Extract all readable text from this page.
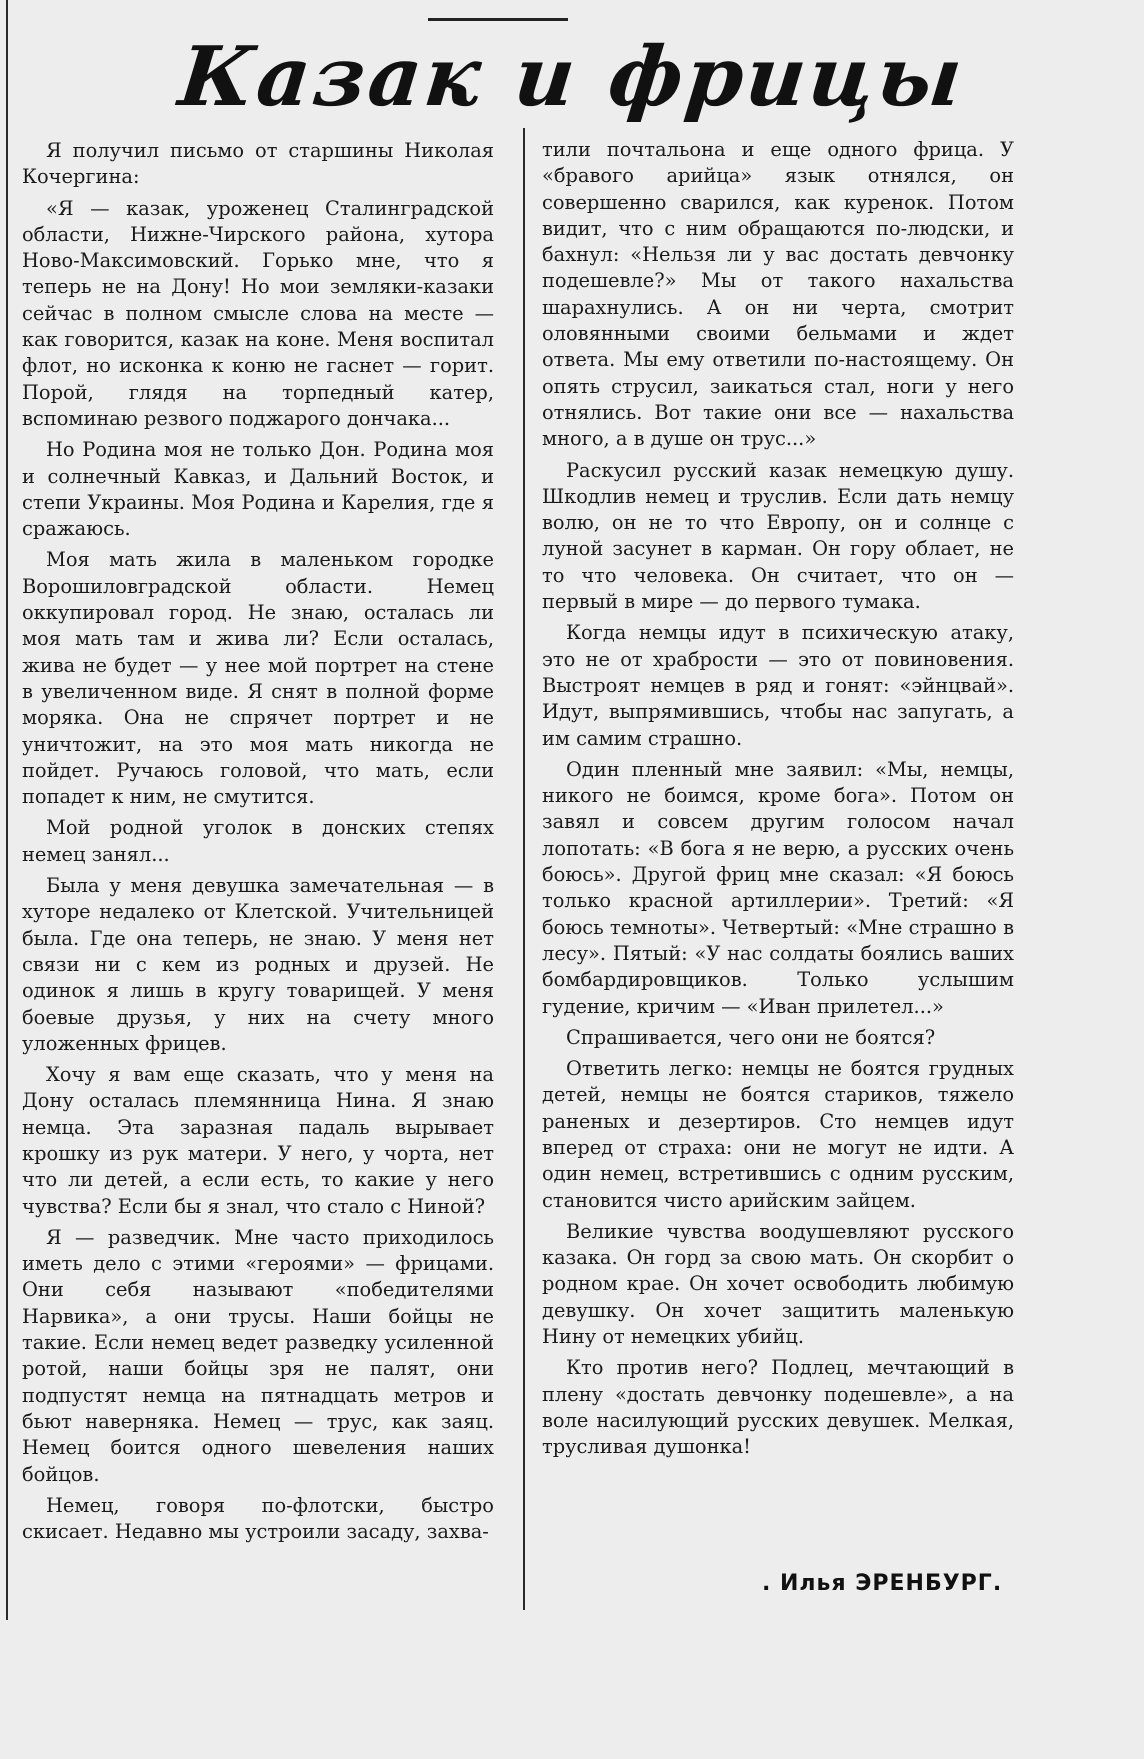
Казак и фрицы

Я получил письмо от старшины Николая Кочергина:

«Я — казак, уроженец Сталинградской области, Нижне-Чирского района, хутора Ново-Максимовский. Горько мне, что я теперь не на Дону! Но мои земляки-казаки сейчас в полном смысле слова на месте — как говорится, казак на коне. Меня воспитал флот, но исконка к коню не гаснет — горит. Порой, глядя на торпедный катер, вспоминаю резвого поджарого дончака...

Но Родина моя не только Дон. Родина моя и солнечный Кавказ, и Дальний Восток, и степи Украины. Моя Родина и Карелия, где я сражаюсь.

Моя мать жила в маленьком городке Ворошиловградской области. Немец оккупировал город. Не знаю, осталась ли моя мать там и жива ли? Если осталась, жива не будет — у нее мой портрет на стене в увеличенном виде. Я снят в полной форме моряка. Она не спрячет портрет и не уничтожит, на это моя мать никогда не пойдет. Ручаюсь головой, что мать, если попадет к ним, не смутится.

Мой родной уголок в донских степях немец занял...

Была у меня девушка замечательная — в хуторе недалеко от Клетской. Учительницей была. Где она теперь, не знаю. У меня нет связи ни с кем из родных и друзей. Не одинок я лишь в кругу товарищей. У меня боевые друзья, у них на счету много уложенных фрицев.

Хочу я вам еще сказать, что у меня на Дону осталась племянница Нина. Я знаю немца. Эта заразная падаль вырывает крошку из рук матери. У него, у чорта, нет что ли детей, а если есть, то какие у него чувства? Если бы я знал, что стало с Ниной?

Я — разведчик. Мне часто приходилось иметь дело с этими «героями» — фрицами. Они себя называют «победителями Нарвика», а они трусы. Наши бойцы не такие. Если немец ведет разведку усиленной ротой, наши бойцы зря не палят, они подпустят немца на пятнадцать метров и бьют наверняка. Немец — трус, как заяц. Немец боится одного шевеления наших бойцов.

Немец, говоря по-флотски, быстро скисает. Недавно мы устроили засаду, захва-

тили почтальона и еще одного фрица. У «бравого арийца» язык отнялся, он совершенно сварился, как куренок. Потом видит, что с ним обращаются по-людски, и бахнул: «Нельзя ли у вас достать девчонку подешевле?» Мы от такого нахальства шарахнулись. А он ни черта, смотрит оловянными своими бельмами и ждет ответа. Мы ему ответили по-настоящему. Он опять струсил, заикаться стал, ноги у него отнялись. Вот такие они все — нахальства много, а в душе он трус...»

Раскусил русский казак немецкую душу. Шкодлив немец и труслив. Если дать немцу волю, он не то что Европу, он и солнце с луной засунет в карман. Он гору облает, не то что человека. Он считает, что он — первый в мире — до первого тумака.

Когда немцы идут в психическую атаку, это не от храбрости — это от повиновения. Выстроят немцев в ряд и гонят: «эйнцвай». Идут, выпрямившись, чтобы нас запугать, а им самим страшно.

Один пленный мне заявил: «Мы, немцы, никого не боимся, кроме бога». Потом он завял и совсем другим голосом начал лопотать: «В бога я не верю, а русских очень боюсь». Другой фриц мне сказал: «Я боюсь только красной артиллерии». Третий: «Я боюсь темноты». Четвертый: «Мне страшно в лесу». Пятый: «У нас солдаты боялись ваших бомбардировщиков. Только услышим гудение, кричим — «Иван прилетел...»

Спрашивается, чего они не боятся?

Ответить легко: немцы не боятся грудных детей, немцы не боятся стариков, тяжело раненых и дезертиров. Сто немцев идут вперед от страха: они не могут не идти. А один немец, встретившись с одним русским, становится чисто арийским зайцем.

Великие чувства воодушевляют русского казака. Он горд за свою мать. Он скорбит о родном крае. Он хочет освободить любимую девушку. Он хочет защитить маленькую Нину от немецких убийц.

Кто против него? Подлец, мечтающий в плену «достать девчонку подешевле», а на воле насилующий русских девушек. Мелкая, трусливая душонка!

. Илья ЭРЕНБУРГ.
